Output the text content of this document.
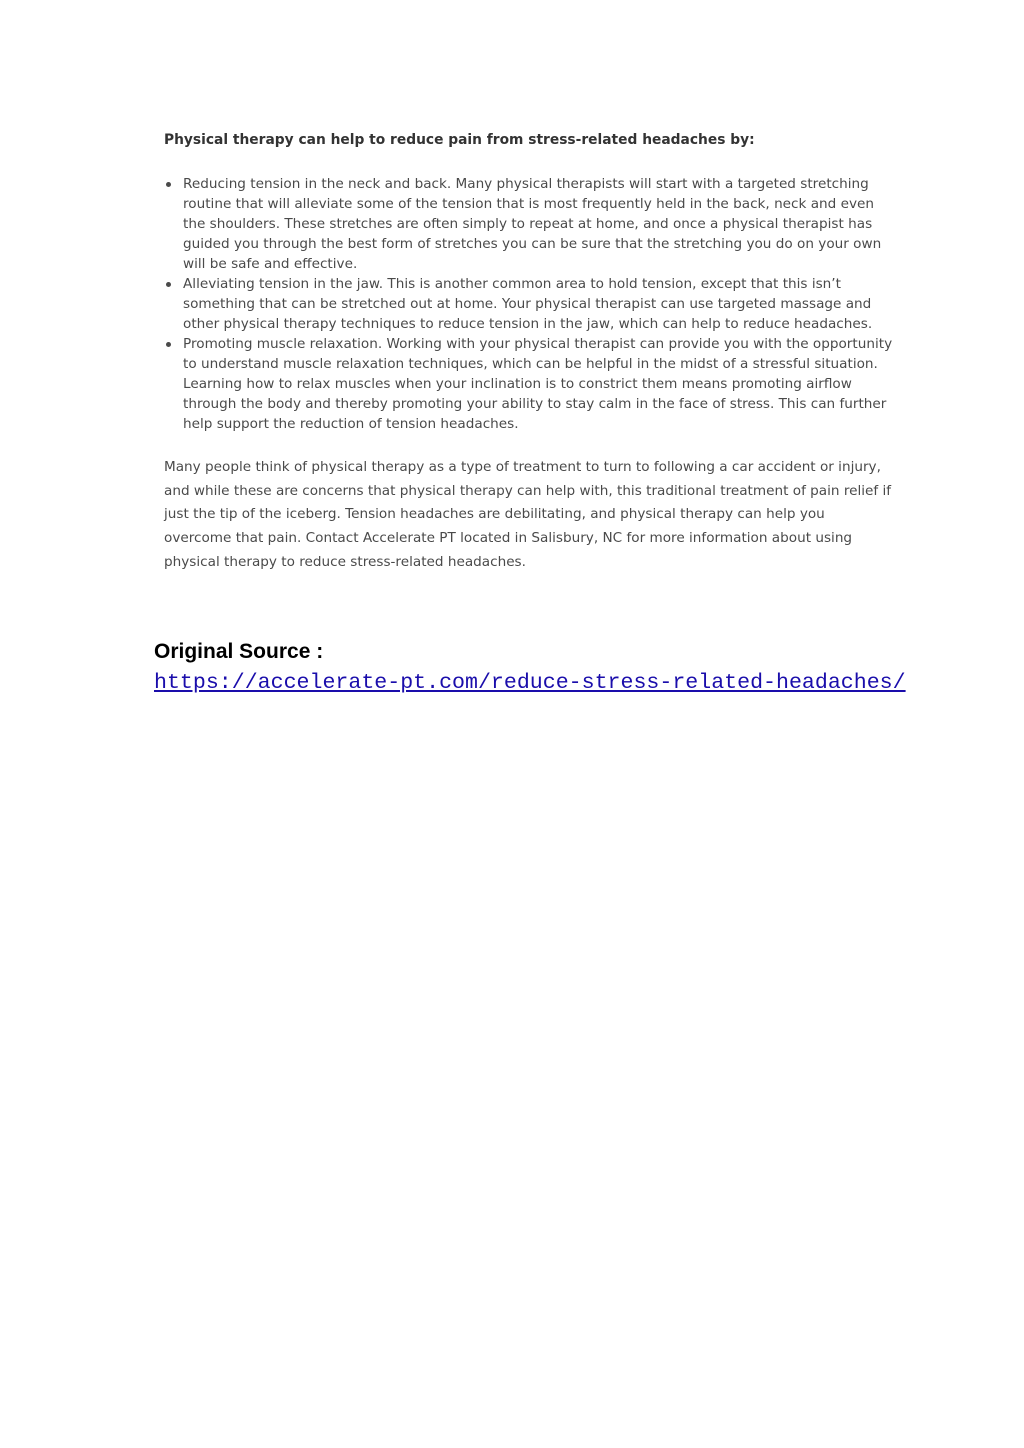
Physical therapy can help to reduce pain from stress-related headaches by:

Reducing tension in the neck and back. Many physical therapists will start with a targeted stretching routine that will alleviate some of the tension that is most frequently held in the back, neck and even the shoulders. These stretches are often simply to repeat at home, and once a physical therapist has guided you through the best form of stretches you can be sure that the stretching you do on your own will be safe and effective.
Alleviating tension in the jaw. This is another common area to hold tension, except that this isn’t something that can be stretched out at home. Your physical therapist can use targeted massage and other physical therapy techniques to reduce tension in the jaw, which can help to reduce headaches.
Promoting muscle relaxation. Working with your physical therapist can provide you with the opportunity to understand muscle relaxation techniques, which can be helpful in the midst of a stressful situation. Learning how to relax muscles when your inclination is to constrict them means promoting airflow through the body and thereby promoting your ability to stay calm in the face of stress. This can further help support the reduction of tension headaches.

Many people think of physical therapy as a type of treatment to turn to following a car accident or injury, and while these are concerns that physical therapy can help with, this traditional treatment of pain relief if just the tip of the iceberg. Tension headaches are debilitating, and physical therapy can help you overcome that pain. Contact Accelerate PT located in Salisbury, NC for more information about using physical therapy to reduce stress-related headaches.

Original Source :

https://accelerate-pt.com/reduce-stress-related-headaches/
